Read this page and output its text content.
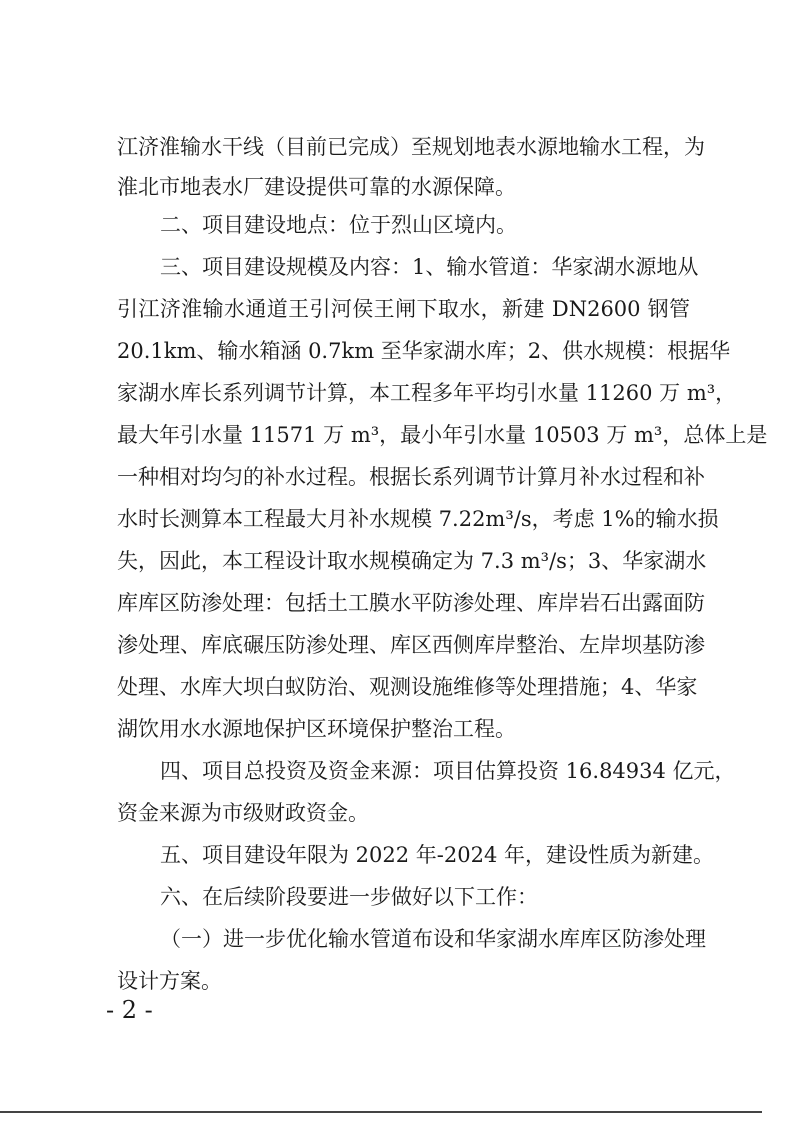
江济淮输水干线（目前已完成）至规划地表水源地输水工程，为

淮北市地表水厂建设提供可靠的水源保障。

二、项目建设地点：位于烈山区境内。

三、项目建设规模及内容：1、输水管道：华家湖水源地从

引江济淮输水通道王引河侯王闸下取水，新建 DN2600 钢管

20.1km、输水箱涵 0.7km 至华家湖水库；2、供水规模：根据华

家湖水库长系列调节计算，本工程多年平均引水量 11260 万 m³，

最大年引水量 11571 万 m³，最小年引水量 10503 万 m³，总体上是

一种相对均匀的补水过程。根据长系列调节计算月补水过程和补

水时长测算本工程最大月补水规模 7.22m³/s，考虑 1%的输水损

失，因此，本工程设计取水规模确定为 7.3 m³/s；3、华家湖水

库库区防渗处理：包括土工膜水平防渗处理、库岸岩石出露面防

渗处理、库底碾压防渗处理、库区西侧库岸整治、左岸坝基防渗

处理、水库大坝白蚁防治、观测设施维修等处理措施；4、华家

湖饮用水水源地保护区环境保护整治工程。

四、项目总投资及资金来源：项目估算投资 16.84934 亿元，

资金来源为市级财政资金。

五、项目建设年限为 2022 年-2024 年，建设性质为新建。

六、在后续阶段要进一步做好以下工作：

（一）进一步优化输水管道布设和华家湖水库库区防渗处理

设计方案。

- 2 -
